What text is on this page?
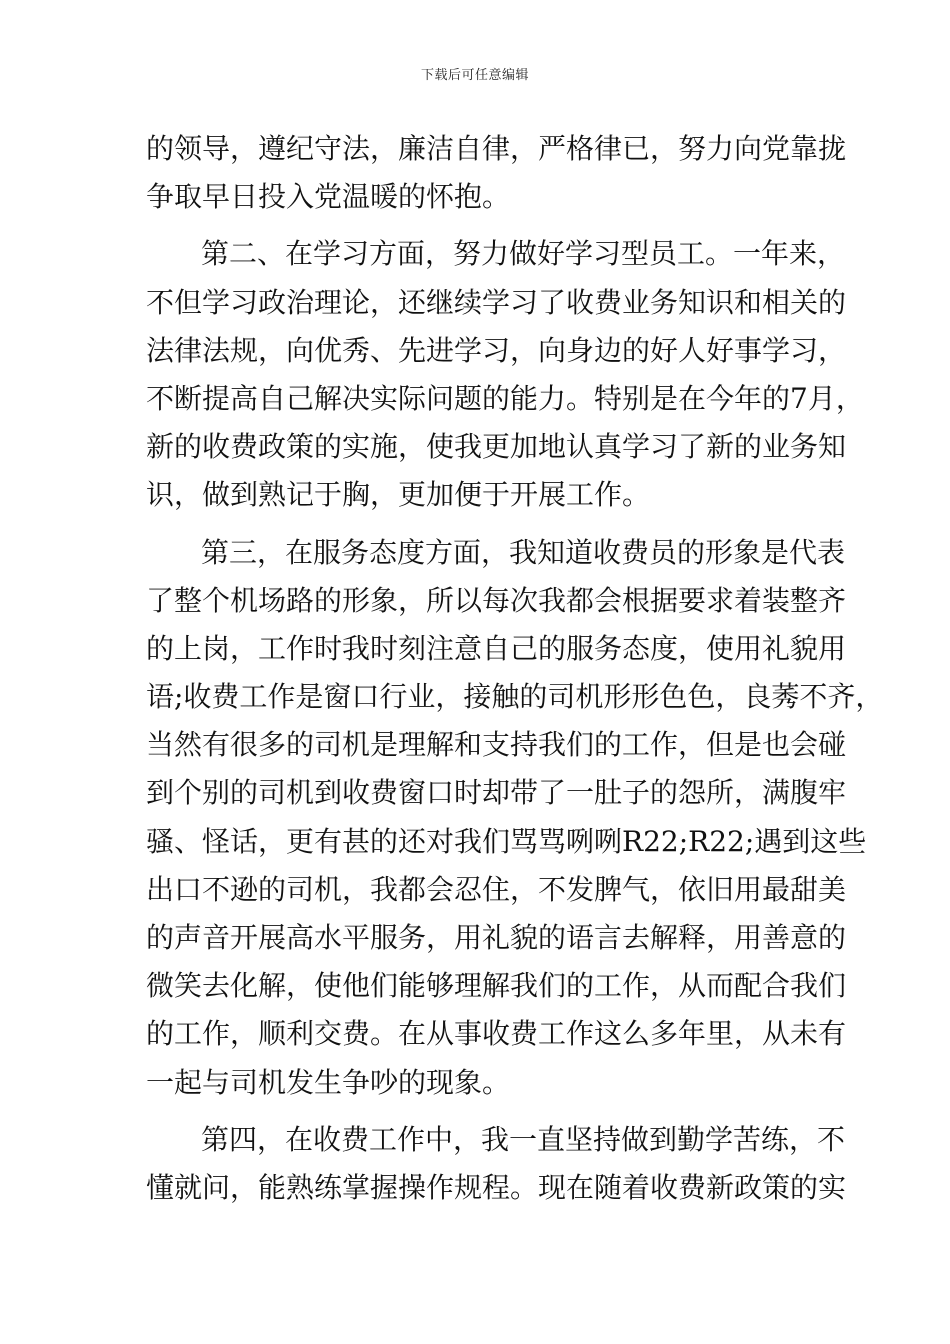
下载后可任意编辑
的领导，遵纪守法，廉洁自律，严格律已，努力向党靠拢
争取早日投入党温暖的怀抱。
第二、在学习方面，努力做好学习型员工。一年来，
不但学习政治理论，还继续学习了收费业务知识和相关的
法律法规，向优秀、先进学习，向身边的好人好事学习，
不断提高自己解决实际问题的能力。特别是在今年的7月，
新的收费政策的实施，使我更加地认真学习了新的业务知
识，做到熟记于胸，更加便于开展工作。
第三，在服务态度方面，我知道收费员的形象是代表
了整个机场路的形象，所以每次我都会根据要求着装整齐
的上岗，工作时我时刻注意自己的服务态度，使用礼貌用
语;收费工作是窗口行业，接触的司机形形色色，良莠不齐，
当然有很多的司机是理解和支持我们的工作，但是也会碰
到个别的司机到收费窗口时却带了一肚子的怨所，满腹牢
骚、怪话，更有甚的还对我们骂骂咧咧R22;R22;遇到这些
出口不逊的司机，我都会忍住，不发脾气，依旧用最甜美
的声音开展高水平服务，用礼貌的语言去解释，用善意的
微笑去化解，使他们能够理解我们的工作，从而配合我们
的工作，顺利交费。在从事收费工作这么多年里，从未有
一起与司机发生争吵的现象。
第四，在收费工作中，我一直坚持做到勤学苦练，不
懂就问，能熟练掌握操作规程。现在随着收费新政策的实
